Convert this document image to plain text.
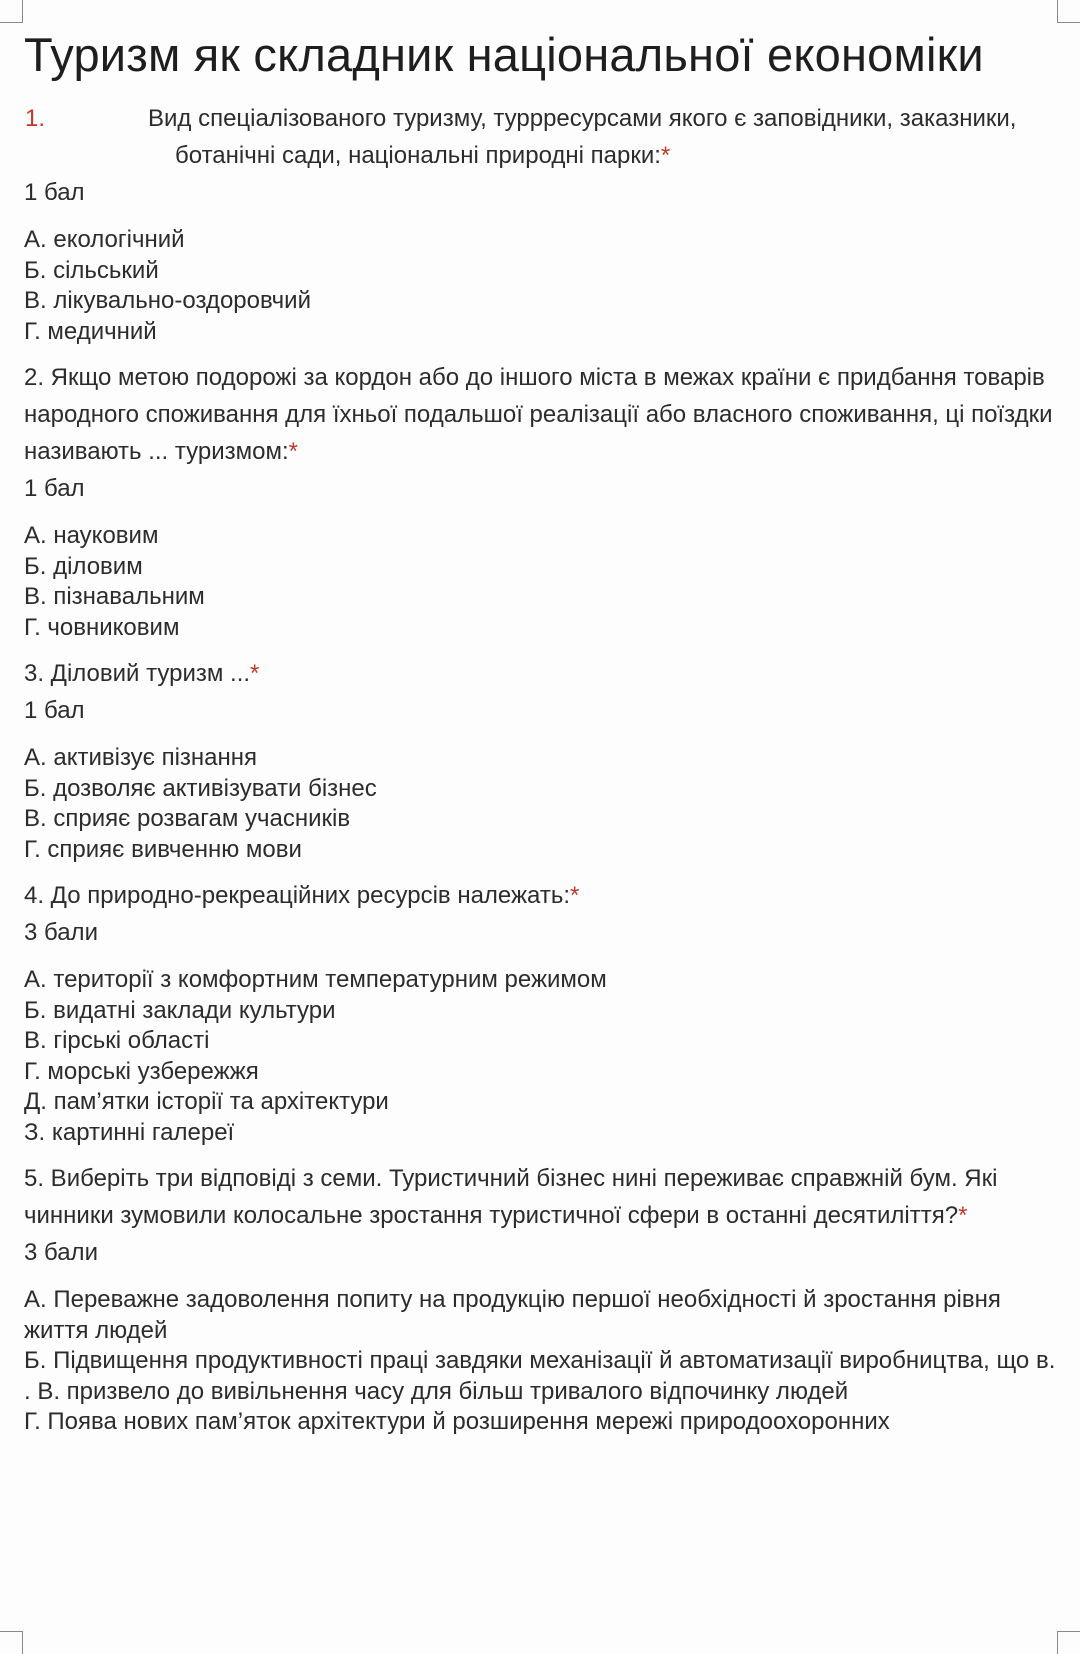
Туризм як складник національної економіки

1.	Вид спеціалізованого туризму, туррресурсами якого є заповідники, заказники, ботанічні сади, національні природні парки:*

1 бал

А. екологічний
Б. сільський
В. лікувально-оздоровчий
Г. медичний

2. Якщо метою подорожі за кордон або до іншого міста в межах країни є придбання товарів народного споживання для їхньої подальшої реалізації або власного споживання, ці поїздки називають ... туризмом:*

1 бал

А. науковим
Б. діловим
В. пізнавальним
Г. човниковим

3. Діловий туризм ...*

1 бал

А. активізує пізнання
Б. дозволяє активізувати бізнес
В. сприяє розвагам учасників
Г. сприяє вивченню мови

4. До природно-рекреаційних ресурсів належать:*

3 бали

А. території з комфортним температурним режимом
Б. видатні заклади культури
В. гірські області
Г. морські узбережжя
Д. пам’ятки історії та архітектури
З. картинні галереї

5. Виберіть три відповіді з семи. Туристичний бізнес нині переживає справжній бум. Які чинники зумовили колосальне зростання туристичної сфери в останні десятиліття?*

3 бали

А. Переважне задоволення попиту на продукцію першої необхідності й зростання рівня життя людей
Б. Підвищення продуктивності праці завдяки механізації й автоматизації виробництва, що в. . В. призвело до вивільнення часу для більш тривалого відпочинку людей
Г. Поява нових пам’яток архітектури й розширення мережі природоохоронних
